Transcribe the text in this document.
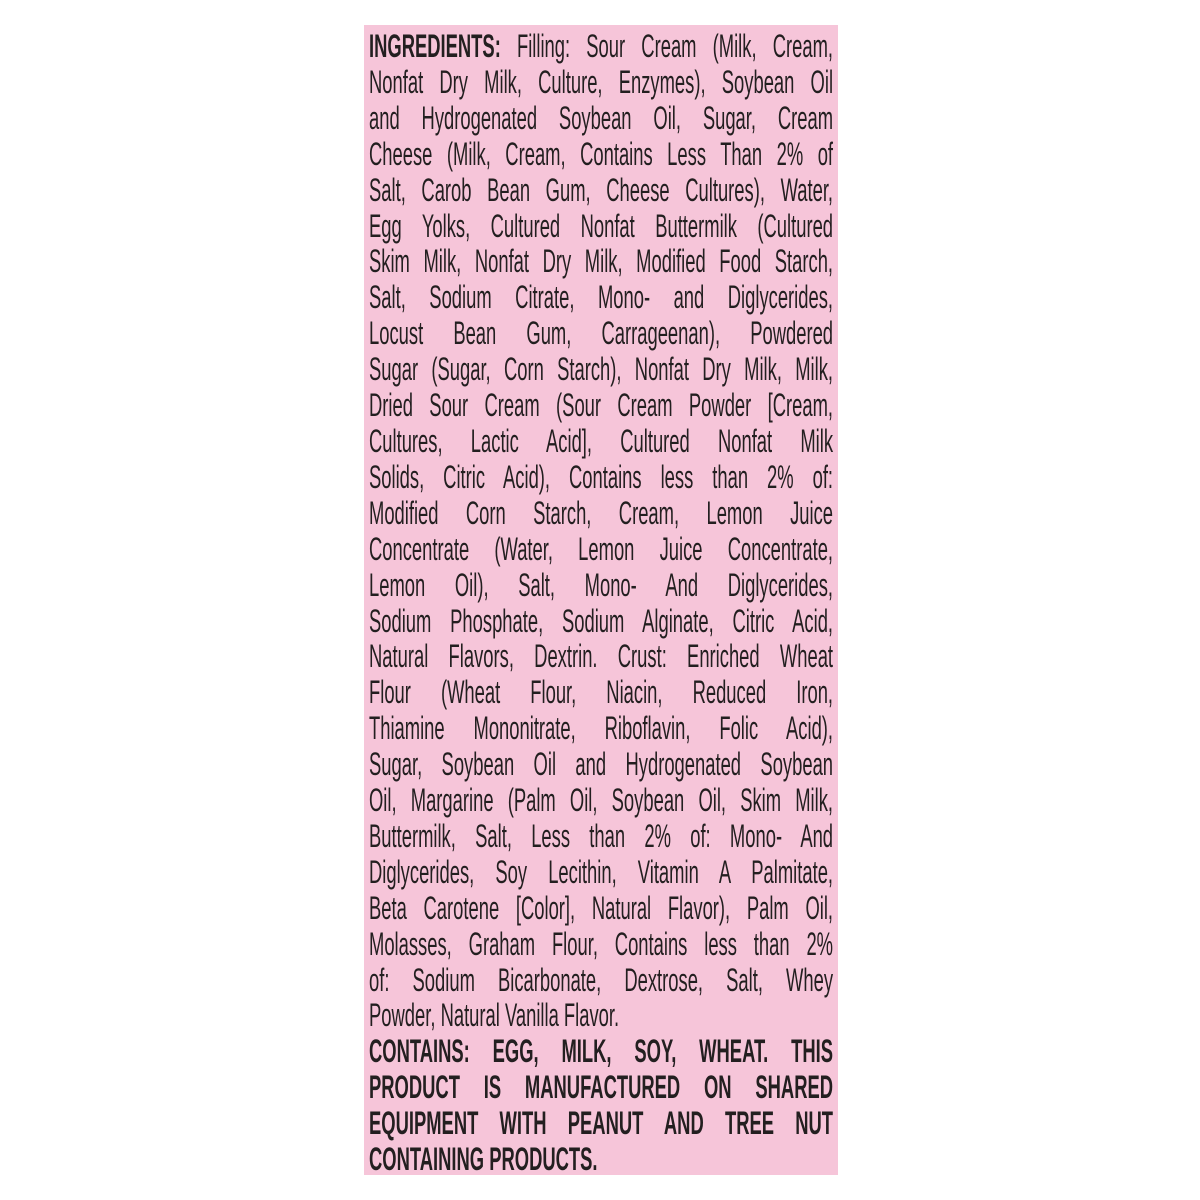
INGREDIENTS: Filling: Sour Cream (Milk, Cream,
Nonfat Dry Milk, Culture, Enzymes), Soybean Oil
and Hydrogenated Soybean Oil, Sugar, Cream
Cheese (Milk, Cream, Contains Less Than 2% of
Salt, Carob Bean Gum, Cheese Cultures), Water,
Egg Yolks, Cultured Nonfat Buttermilk (Cultured
Skim Milk, Nonfat Dry Milk, Modified Food Starch,
Salt, Sodium Citrate, Mono- and Diglycerides,
Locust Bean Gum, Carrageenan), Powdered
Sugar (Sugar, Corn Starch), Nonfat Dry Milk, Milk,
Dried Sour Cream (Sour Cream Powder [Cream,
Cultures, Lactic Acid], Cultured Nonfat Milk
Solids, Citric Acid), Contains less than 2% of:
Modified Corn Starch, Cream, Lemon Juice
Concentrate (Water, Lemon Juice Concentrate,
Lemon Oil), Salt, Mono- And Diglycerides,
Sodium Phosphate, Sodium Alginate, Citric Acid,
Natural Flavors, Dextrin. Crust: Enriched Wheat
Flour (Wheat Flour, Niacin, Reduced Iron,
Thiamine Mononitrate, Riboflavin, Folic Acid),
Sugar, Soybean Oil and Hydrogenated Soybean
Oil, Margarine (Palm Oil, Soybean Oil, Skim Milk,
Buttermilk, Salt, Less than 2% of: Mono- And
Diglycerides, Soy Lecithin, Vitamin A Palmitate,
Beta Carotene [Color], Natural Flavor), Palm Oil,
Molasses, Graham Flour, Contains less than 2%
of: Sodium Bicarbonate, Dextrose, Salt, Whey
Powder, Natural Vanilla Flavor.
CONTAINS: EGG, MILK, SOY, WHEAT. THIS
PRODUCT IS MANUFACTURED ON SHARED
EQUIPMENT WITH PEANUT AND TREE NUT
CONTAINING PRODUCTS.
